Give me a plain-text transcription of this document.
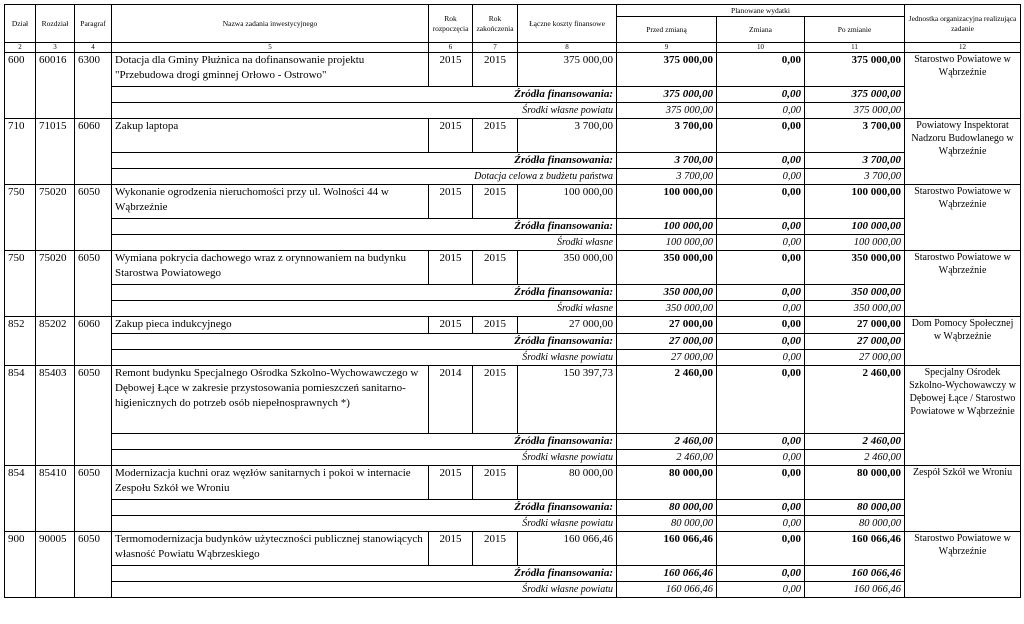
Dział	Rozdział	Paragraf	Nazwa zadania inwestycyjnego	Rok rozpoczęcia	Rok zakończenia	Łączne koszty finansowe	Planowane wydatki			Jednostka organizacyjna realizująca zadanie
							Przed zmianą	Zmiana	Po zmianie	
2	3	4	5	6	7	8	9	10	11	12
600	60016	6300	Dotacja dla Gminy Płużnica na dofinansowanie projektu "Przebudowa drogi gminnej Orłowo - Ostrowo"	2015	2015	375 000,00	375 000,00	0,00	375 000,00	Starostwo Powiatowe w Wąbrzeźnie
			Źródła finansowania:				375 000,00	0,00	375 000,00	
			Środki własne powiatu				375 000,00	0,00	375 000,00	
710	71015	6060	Zakup laptopa	2015	2015	3 700,00	3 700,00	0,00	3 700,00	Powiatowy Inspektorat Nadzoru Budowlanego w Wąbrzeźnie
			Źródła finansowania:				3 700,00	0,00	3 700,00	
			Dotacja celowa z budżetu państwa				3 700,00	0,00	3 700,00	
750	75020	6050	Wykonanie ogrodzenia nieruchomości przy ul. Wolności 44 w Wąbrzeźnie	2015	2015	100 000,00	100 000,00	0,00	100 000,00	Starostwo Powiatowe w Wąbrzeźnie
			Źródła finansowania:				100 000,00	0,00	100 000,00	
			Środki własne				100 000,00	0,00	100 000,00	
750	75020	6050	Wymiana pokrycia dachowego wraz z orynnowaniem na budynku Starostwa Powiatowego	2015	2015	350 000,00	350 000,00	0,00	350 000,00	Starostwo Powiatowe w Wąbrzeźnie
			Źródła finansowania:				350 000,00	0,00	350 000,00	
			Środki własne				350 000,00	0,00	350 000,00	
852	85202	6060	Zakup pieca indukcyjnego	2015	2015	27 000,00	27 000,00	0,00	27 000,00	Dom Pomocy Społecznej w Wąbrzeźnie
			Źródła finansowania:				27 000,00	0,00	27 000,00	
			Środki własne powiatu				27 000,00	0,00	27 000,00	
854	85403	6050	Remont budynku Specjalnego Ośrodka Szkolno-Wychowawczego w Dębowej Łące w zakresie przystosowania pomieszczeń sanitarno-higienicznych do potrzeb osób niepełnosprawnych *)	2014	2015	150 397,73	2 460,00	0,00	2 460,00	Specjalny Ośrodek Szkolno-Wychowawczy w Dębowej Łące / Starostwo Powiatowe w Wąbrzeźnie
			Źródła finansowania:				2 460,00	0,00	2 460,00	
			Środki własne powiatu				2 460,00	0,00	2 460,00	
854	85410	6050	Modernizacja kuchni oraz węzłów sanitarnych i pokoi w internacie Zespołu Szkół we Wroniu	2015	2015	80 000,00	80 000,00	0,00	80 000,00	Zespół Szkół we Wroniu
			Źródła finansowania:				80 000,00	0,00	80 000,00	
			Środki własne powiatu				80 000,00	0,00	80 000,00	
900	90005	6050	Termomodernizacja budynków użyteczności publicznej stanowiących własność Powiatu Wąbrzeskiego	2015	2015	160 066,46	160 066,46	0,00	160 066,46	Starostwo Powiatowe w Wąbrzeźnie
			Źródła finansowania:				160 066,46	0,00	160 066,46	
			Środki własne powiatu				160 066,46	0,00	160 066,46	
